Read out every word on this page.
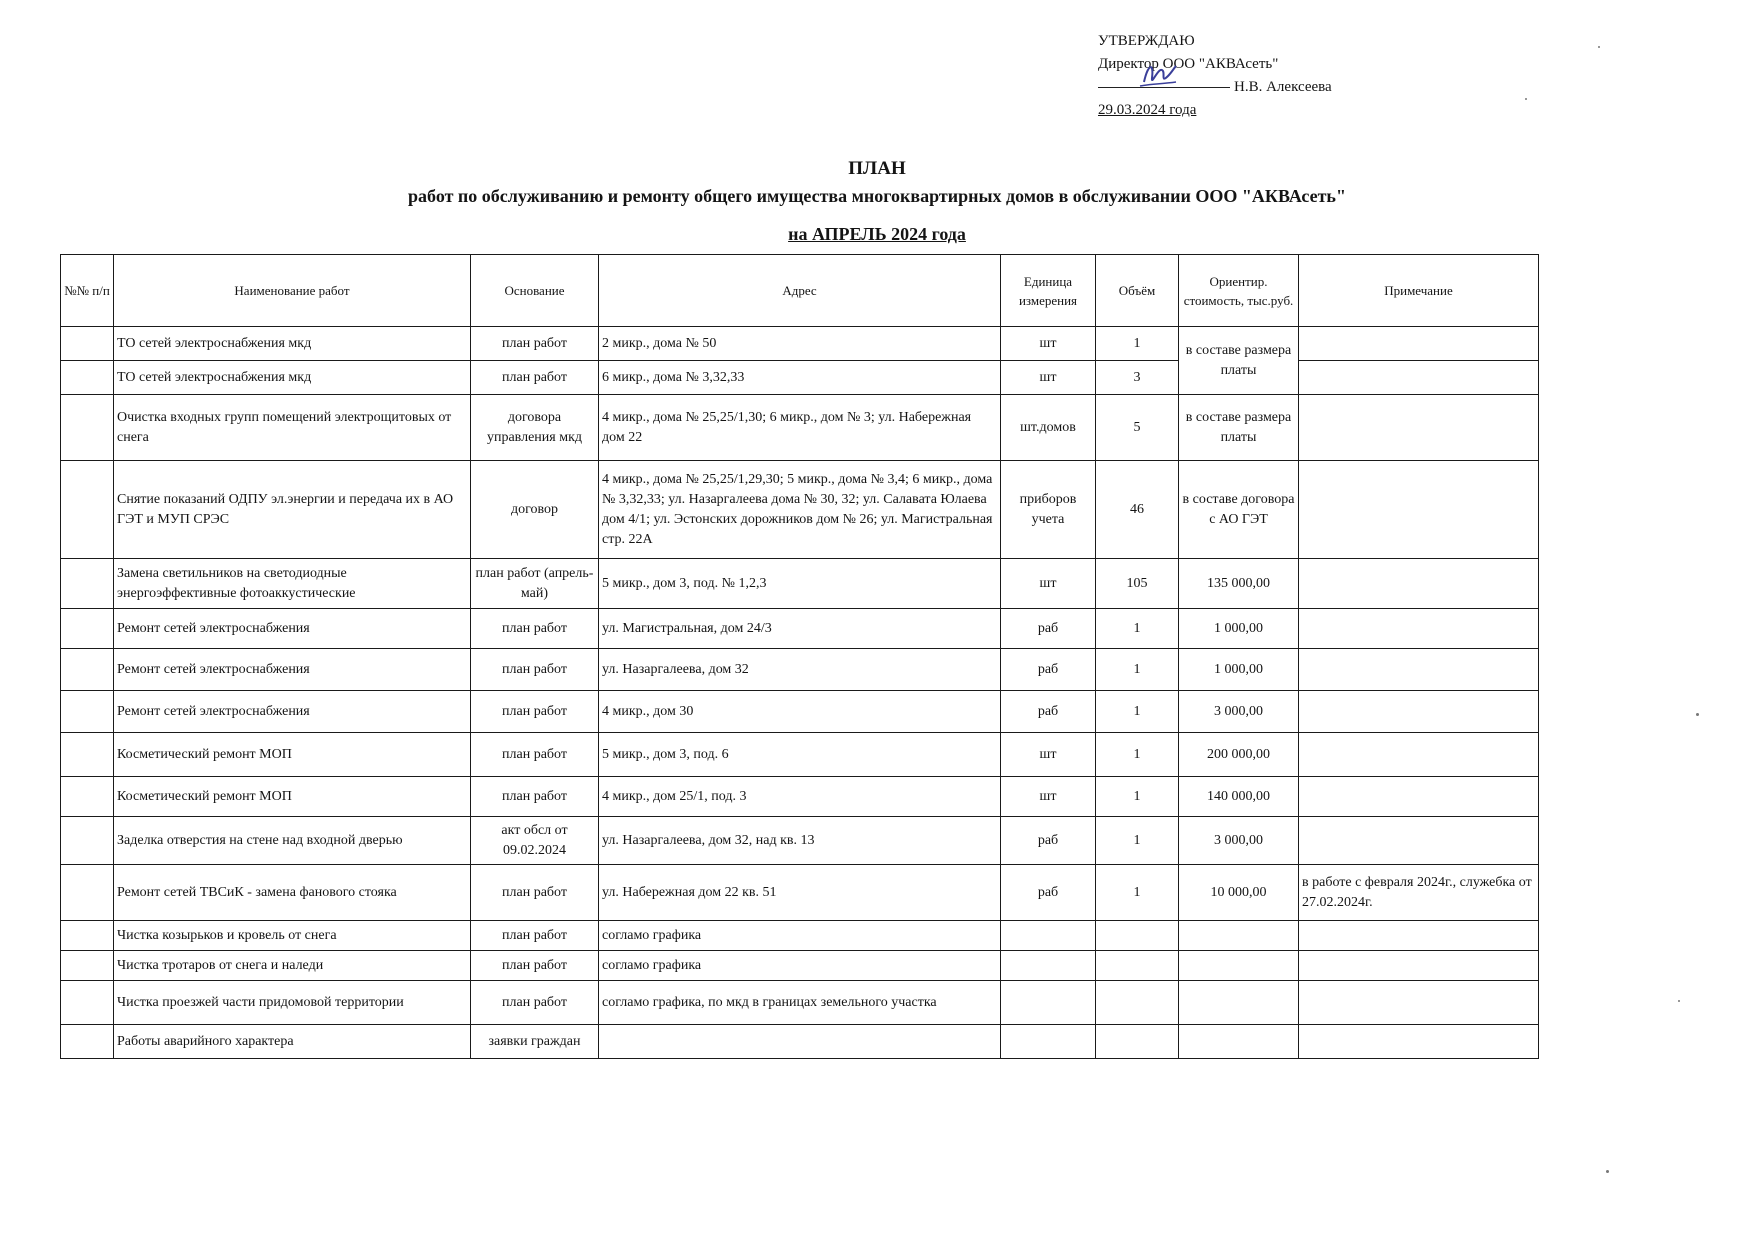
УТВЕРЖДАЮ
Директор ООО "АКВАсеть"
Н.В. Алексеева
29.03.2024 года
ПЛАН
работ по обслуживанию и ремонту общего имущества многоквартирных домов в обслуживании ООО "АКВАсеть"
на АПРЕЛЬ 2024 года
№№ п/п	Наименование работ	Основание	Адрес	Единица измерения	Объём	Ориентир. стоимость, тыс.руб.	Примечание
	ТО сетей электроснабжения мкд	план работ	2 микр., дома № 50	шт	1	в составе размера платы	
	ТО сетей электроснабжения мкд	план работ	6 микр., дома № 3,32,33	шт	3		
	Очистка входных групп помещений электрощитовых от снега	договора управления мкд	4 микр., дома № 25,25/1,30; 6 микр., дом № 3; ул. Набережная дом 22	шт.домов	5	в составе размера платы	
	Снятие показаний ОДПУ эл.энергии и передача их в АО ГЭТ и МУП СРЭС	договор	4 микр., дома № 25,25/1,29,30; 5 микр., дома № 3,4; 6 микр., дома № 3,32,33; ул. Назаргалеева дома № 30, 32; ул. Салавата Юлаева дом 4/1; ул. Эстонских дорожников дом № 26; ул. Магистральная стр. 22А	приборов учета	46	в составе договора с АО ГЭТ	
	Замена светильников на светодиодные энергоэффективные фотоаккустические	план работ (апрель-май)	5 микр., дом 3, под. № 1,2,3	шт	105	135 000,00	
	Ремонт сетей электроснабжения	план работ	ул. Магистральная, дом 24/3	раб	1	1 000,00	
	Ремонт сетей электроснабжения	план работ	ул. Назаргалеева, дом 32	раб	1	1 000,00	
	Ремонт сетей электроснабжения	план работ	4 микр., дом 30	раб	1	3 000,00	
	Косметический ремонт МОП	план работ	5 микр., дом 3, под. 6	шт	1	200 000,00	
	Косметический ремонт МОП	план работ	4 микр., дом 25/1, под. 3	шт	1	140 000,00	
	Заделка отверстия на стене над входной дверью	акт обсл от 09.02.2024	ул. Назаргалеева, дом 32, над кв. 13	раб	1	3 000,00	
	Ремонт сетей ТВСиК - замена фанового стояка	план работ	ул. Набережная дом 22 кв. 51	раб	1	10 000,00	в работе с февраля 2024г., служебка от 27.02.2024г.
	Чистка козырьков и кровель от снега	план работ	согламо графика				
	Чистка тротаров от снега и наледи	план работ	согламо графика				
	Чистка проезжей части придомовой территории	план работ	согламо графика, по мкд в границах земельного участка				
	Работы аварийного характера	заявки граждан					
